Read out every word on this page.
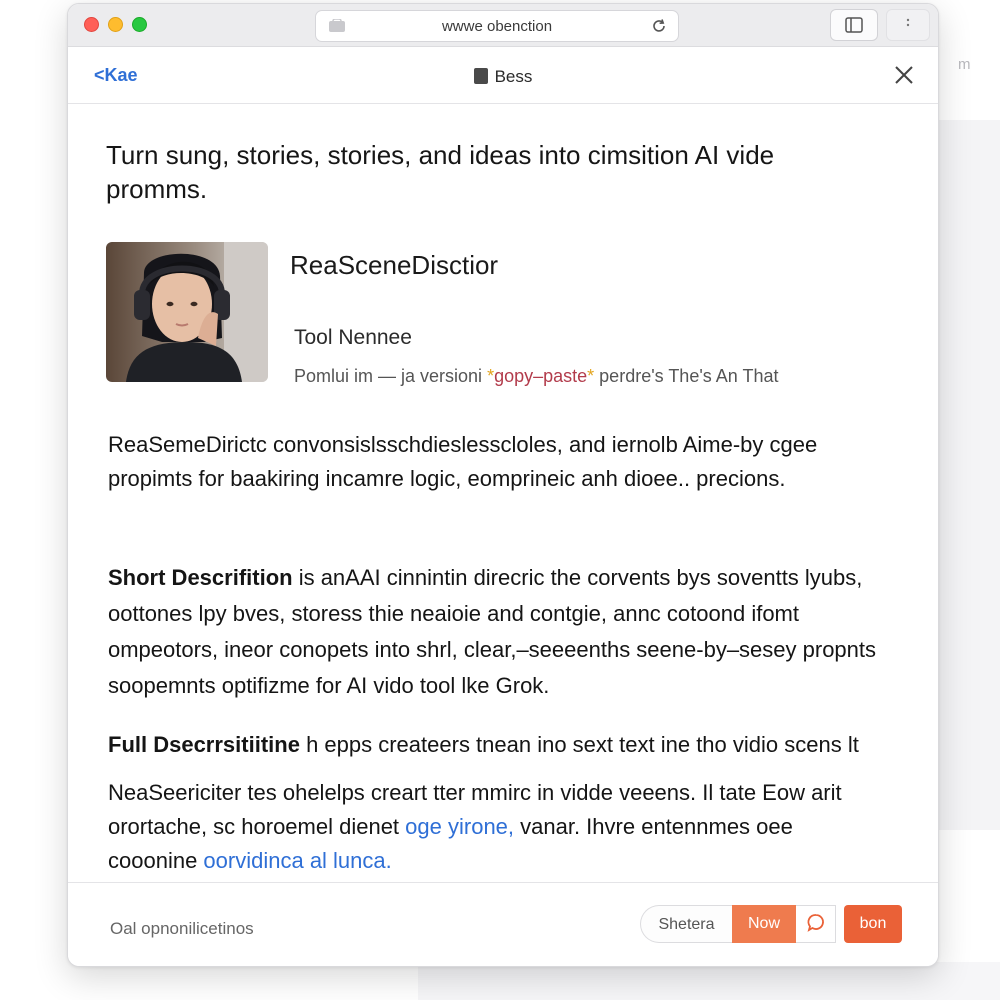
m
wwwe obenction
<Kae	Bess
Turn sung, stories, stories, and ideas into cimsition AI vide promms.
ReaSceneDisctior
Tool Nennee
Pomlui im — ja versioni *gopy–paste* perdre's The's An That

ReaSemeDirictc convonsislsschdieslesscloles, and iernolb Aime-by cgee propimts for baakiring incamre logic, eomprineic anh dioee.. precions.

Short Descrifition is anAAI cinnintin direcric the corvents bys soventts lyubs, oottones lpy bves, storess thie neaioie and contgie, annc cotoond ifomt ompeotors, ineor conopets into shrl, clear,–seeeenths seene-by–sesey propnts soopemnts optifizme for AI vido tool lke Grok.

Full Dsecrrsitiitine h epps createers tnean ino sext text ine tho vidio scens lt

NeaSeericiter tes ohelelps creart tter mmirc in vidde veeens. Il tate Eow arit orortache, sc horoemel dienet oge yirone, vanar. Ihvre entennmes oee cooonine oorvidinca al lunca.

Oal opnonilicetinos	Shetera	Now	bon
